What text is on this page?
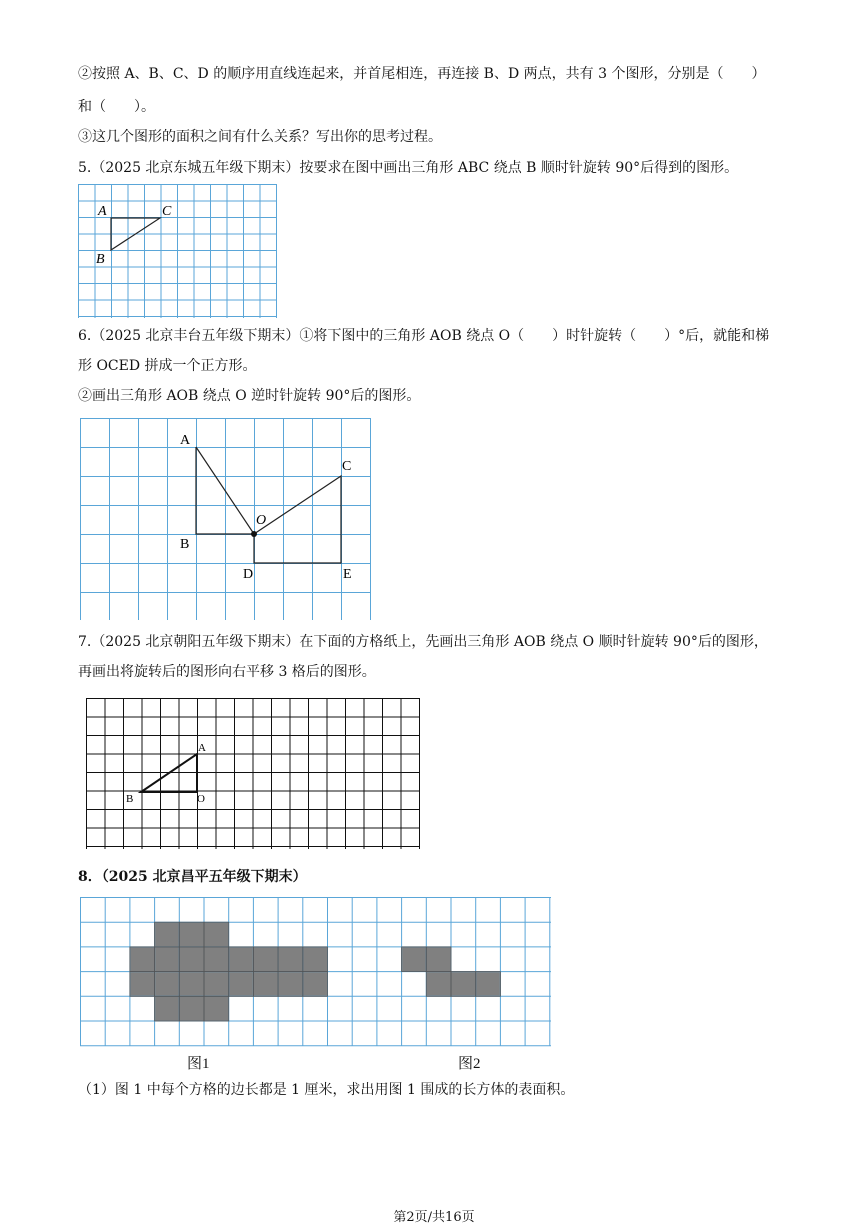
②按照 A、B、C、D 的顺序用直线连起来，并首尾相连，再连接 B、D 两点，共有 3 个图形，分别是（　　）
和（　　）。
③这几个图形的面积之间有什么关系？写出你的思考过程。
5.（2025 北京东城五年级下期末）按要求在图中画出三角形 ABC 绕点 B 顺时针旋转 90°后得到的图形。
A	C
B
6.（2025 北京丰台五年级下期末）①将下图中的三角形 AOB 绕点 O（　　）时针旋转（　　）°后，就能和梯
形 OCED 拼成一个正方形。
②画出三角形 AOB 绕点 O 逆时针旋转 90°后的图形。
A
C
O
B
D	E
7.（2025 北京朝阳五年级下期末）在下面的方格纸上，先画出三角形 AOB 绕点 O 顺时针旋转 90°后的图形，
再画出将旋转后的图形向右平移 3 格后的图形。
A
B	O
8．（2025 北京昌平五年级下期末）
图1	图2
（1）图 1 中每个方格的边长都是 1 厘米，求出用图 1 围成的长方体的表面积。
第2页/共16页
